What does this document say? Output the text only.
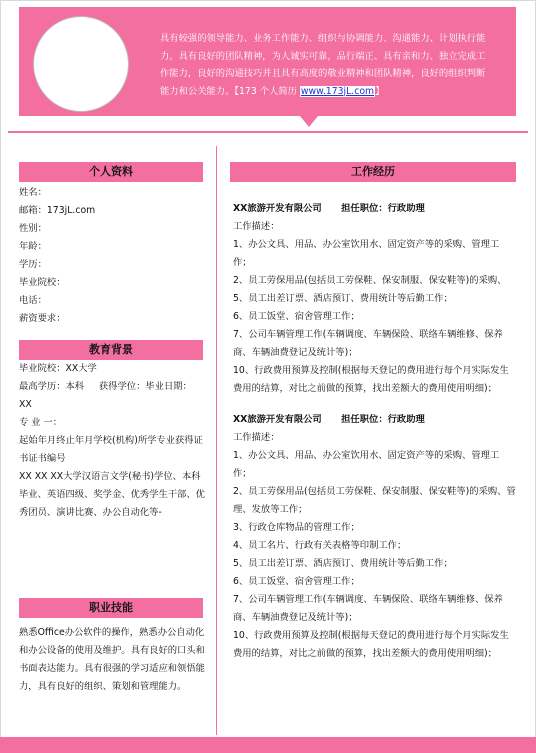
具有较强的领导能力、业务工作能力、组织与协调能力、沟通能力、计划执行能力。具有良好的团队精神，为人诚实可靠，品行端正、具有亲和力、独立完成工作能力，良好的沟通技巧并且具有高度的敬业精神和团队精神，良好的组织判断能力和公关能力。【173 个人简历 www.173jL.com】
个人资料
姓名：
邮箱：173jL.com
性别：
年龄：
学历：
毕业院校：
电话：
薪资要求：
教育背景
毕业院校：XX大学
最高学历：本科 获得学位：毕业日期：
XX
专 业 一：
起始年月终止年月学校(机构)所学专业获得证书证书编号
XX XX XX大学汉语言文学(秘书)学位、本科毕业、英语四级、奖学金、优秀学生干部、优秀团员、演讲比赛、办公自动化等-
职业技能
熟悉Office办公软件的操作，熟悉办公自动化和办公设备的使用及维护。具有良好的口头和书面表达能力。具有很强的学习适应和领悟能力，具有良好的组织、策划和管理能力。
工作经历
XX旅游开发有限公司      担任职位：行政助理
工作描述：
1、办公文具、用品、办公室饮用水、固定资产等的采购、管理工作；
2、员工劳保用品(包括员工劳保鞋、保安制服、保安鞋等)的采购、
5、员工出差订票、酒店预订、费用统计等后勤工作；
6、员工饭堂、宿舍管理工作；
7、公司车辆管理工作(车辆调度、车辆保险、联络车辆维修、保养商、车辆油费登记及统计等)；
10、行政费用预算及控制(根据每天登记的费用进行每个月实际发生费用的结算，对比之前做的预算，找出差额大的费用使用明细)；
XX旅游开发有限公司      担任职位：行政助理
工作描述：
1、办公文具、用品、办公室饮用水、固定资产等的采购、管理工作；
2、员工劳保用品(包括员工劳保鞋、保安制服、保安鞋等)的采购、管理、发放等工作；
3、行政仓库物品的管理工作；
4、员工名片、行政有关表格等印制工作；
5、员工出差订票、酒店预订、费用统计等后勤工作；
6、员工饭堂、宿舍管理工作；
7、公司车辆管理工作(车辆调度、车辆保险、联络车辆维修、保养商、车辆油费登记及统计等)；
10、行政费用预算及控制(根据每天登记的费用进行每个月实际发生费用的结算，对比之前做的预算，找出差额大的费用使用明细)；
